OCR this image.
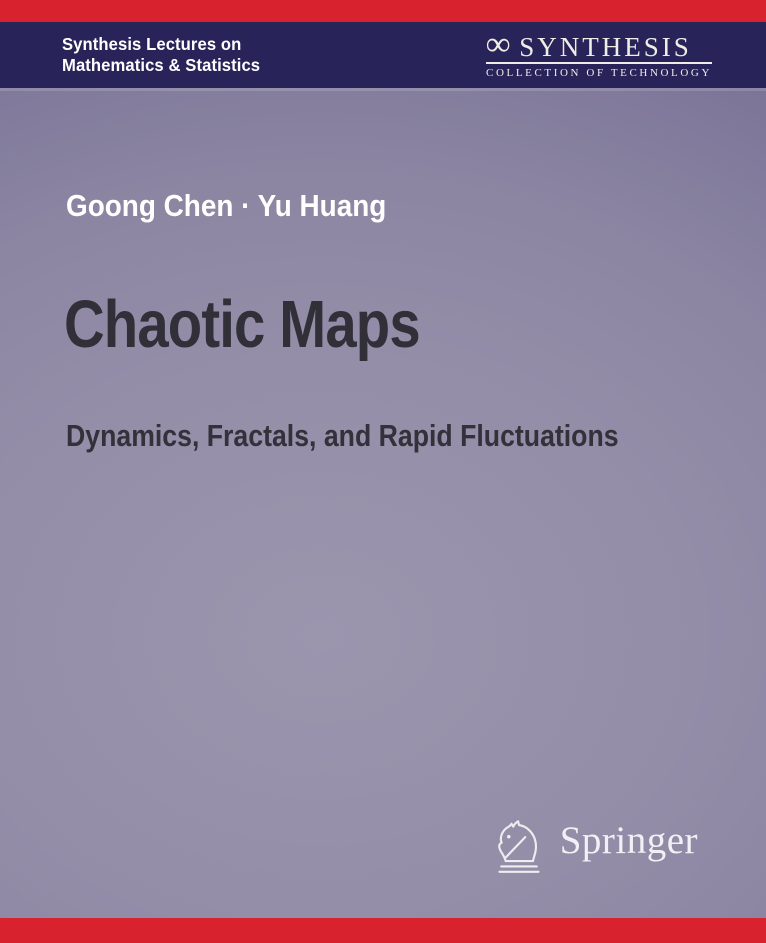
Synthesis Lectures on
Mathematics & Statistics
∞ SYNTHESIS
COLLECTION OF TECHNOLOGY
Goong Chen · Yu Huang
Chaotic Maps
Dynamics, Fractals, and Rapid Fluctuations
Springer
